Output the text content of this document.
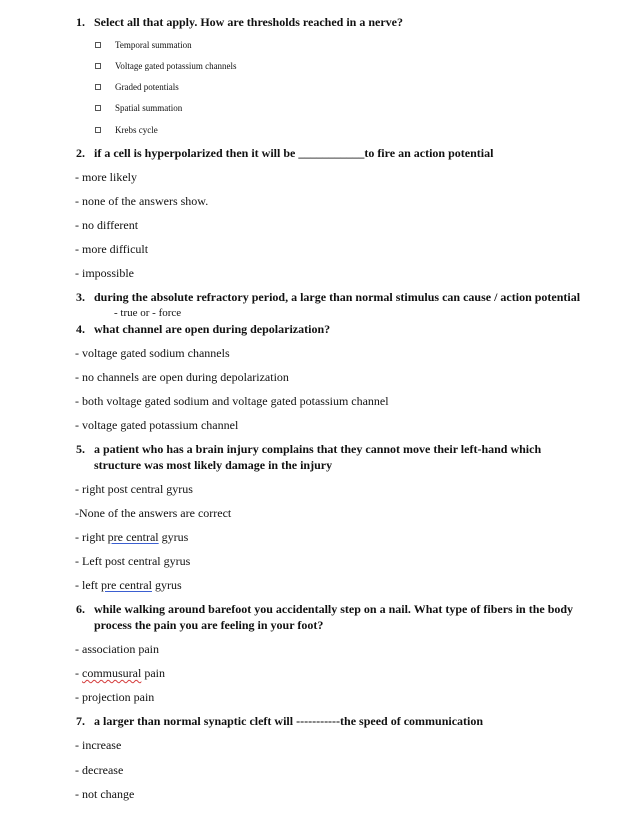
1. Select all that apply. How are thresholds reached in a nerve?
Temporal summation
Voltage gated potassium channels
Graded potentials
Spatial summation
Krebs cycle
2. if a cell is hyperpolarized then it will be ___________to fire an action potential
- more likely
- none of the answers show.
- no different
- more difficult
- impossible
3. during the absolute refractory period, a large than normal stimulus can cause / action potential
- true or - force
4. what channel are open during depolarization?
- voltage gated sodium channels
- no channels are open during depolarization
- both voltage gated sodium and voltage gated potassium channel
- voltage gated potassium channel
5. a patient who has a brain injury complains that they cannot move their left-hand which structure was most likely damage in the injury
- right post central gyrus
-None of the answers are correct
- right pre central gyrus
- Left post central gyrus
- left pre central gyrus
6. while walking around barefoot you accidentally step on a nail. What type of fibers in the body process the pain you are feeling in your foot?
- association pain
- commusural pain
- projection pain
7. a larger than normal synaptic cleft will -----------the speed of communication
- increase
- decrease
- not change
